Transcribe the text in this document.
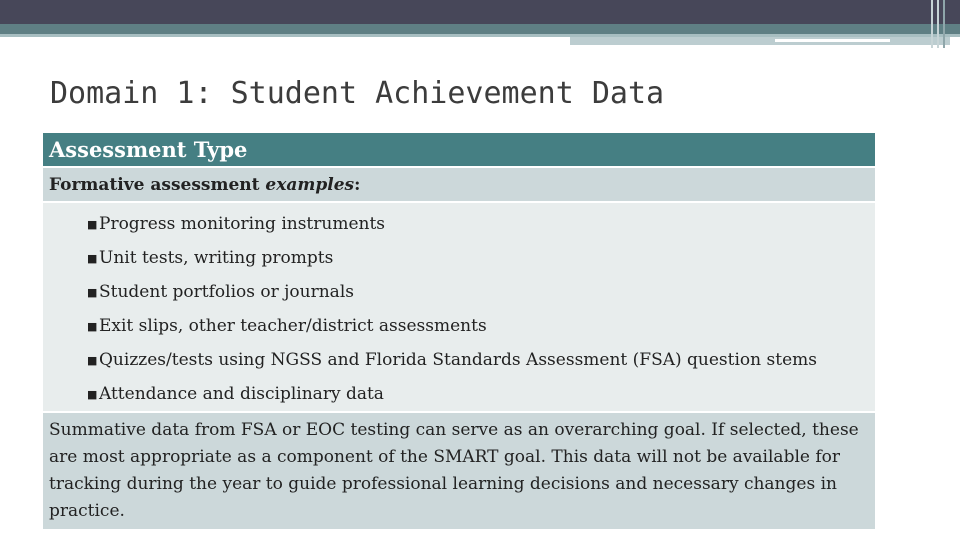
Domain 1: Student Achievement Data
Assessment Type
Formative assessment examples:

■Progress monitoring instruments
■Unit tests, writing prompts
■Student portfolios or journals
■Exit slips, other teacher/district assessments
■Quizzes/tests using NGSS and Florida Standards Assessment (FSA) question stems
■Attendance and disciplinary data

Summative data from FSA or EOC testing can serve as an overarching goal. If selected, these are most appropriate as a component of the SMART goal. This data will not be available for tracking during the year to guide professional learning decisions and necessary changes in practice.
